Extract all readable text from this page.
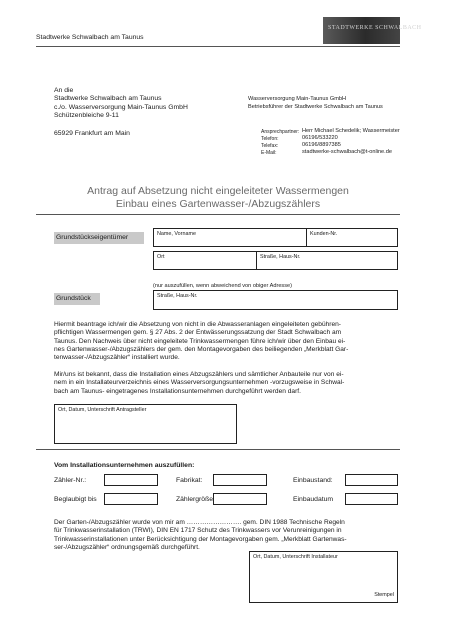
Stadtwerke Schwalbach am Taunus
STADTWERKE SCHWALBACH
An die
Stadtwerke Schwalbach am Taunus
c./o. Wasserversorgung Main-Taunus GmbH
Schützenbleiche 9-11
65929 Frankfurt am Main
Wasserversorgung Main-Taunus GmbH
Betriebsführer der Stadtwerke Schwalbach am Taunus
Ansprechpartner: Herr Michael Schedelik; Wassermeister
Telefon:	06196/533220
Telefax:	06196/8897385
E-Mail:	stadtwerke-schwalbach@t-online.de
Antrag auf Absetzung nicht eingeleiteter Wassermengen
Einbau eines Gartenwasser-/Abzugszählers
Grundstückseigentümer	Name, Vorname	Kunden-Nr.
Ort	Straße, Haus-Nr.
(nur auszufüllen, wenn abweichend von obiger Adresse)
Grundstück	Straße, Haus-Nr.
Hiermit beantrage ich/wir die Absetzung von nicht in die Abwasseranlagen eingeleiteten gebühren-
pflichtigen Wassermengen gem. § 27 Abs. 2 der Entwässerungssatzung der Stadt Schwalbach am
Taunus. Den Nachweis über nicht eingeleitete Trinkwassermengen führe ich/wir über den Einbau ei-
nes Gartenwasser-/Abzugszählers der gem. den Montagevorgaben des beiliegenden „Merkblatt Gar-
tenwasser-/Abzugszähler“ installiert wurde.
Mir/uns ist bekannt, dass die Installation eines Abzugszählers und sämtlicher Anbauteile nur von ei-
nem in ein Installateurverzeichnis eines Wasserversorgungsunternehmen -vorzugsweise in Schwal-
bach am Taunus- eingetragenes Installationsunternehmen durchgeführt werden darf.
Ort, Datum, Unterschrift Antragsteller
Vom Installationsunternehmen auszufüllen:
Zähler-Nr.:	Fabrikat:	Einbaustand:
Beglaubigt bis	Zählergröße	Einbaudatum
Der Garten-/Abzugszähler wurde von mir am ……………………. gem. DIN 1988 Technische Regeln
für Trinkwasserinstallation (TRWI), DIN EN 1717 Schutz des Trinkwassers vor Verunreinigungen in
Trinkwasserinstallationen unter Berücksichtigung der Montagevorgaben gem. „Merkblatt Gartenwas-
ser-/Abzugszähler“ ordnungsgemäß durchgeführt.
Ort, Datum, Unterschrift Installateur
Stempel
